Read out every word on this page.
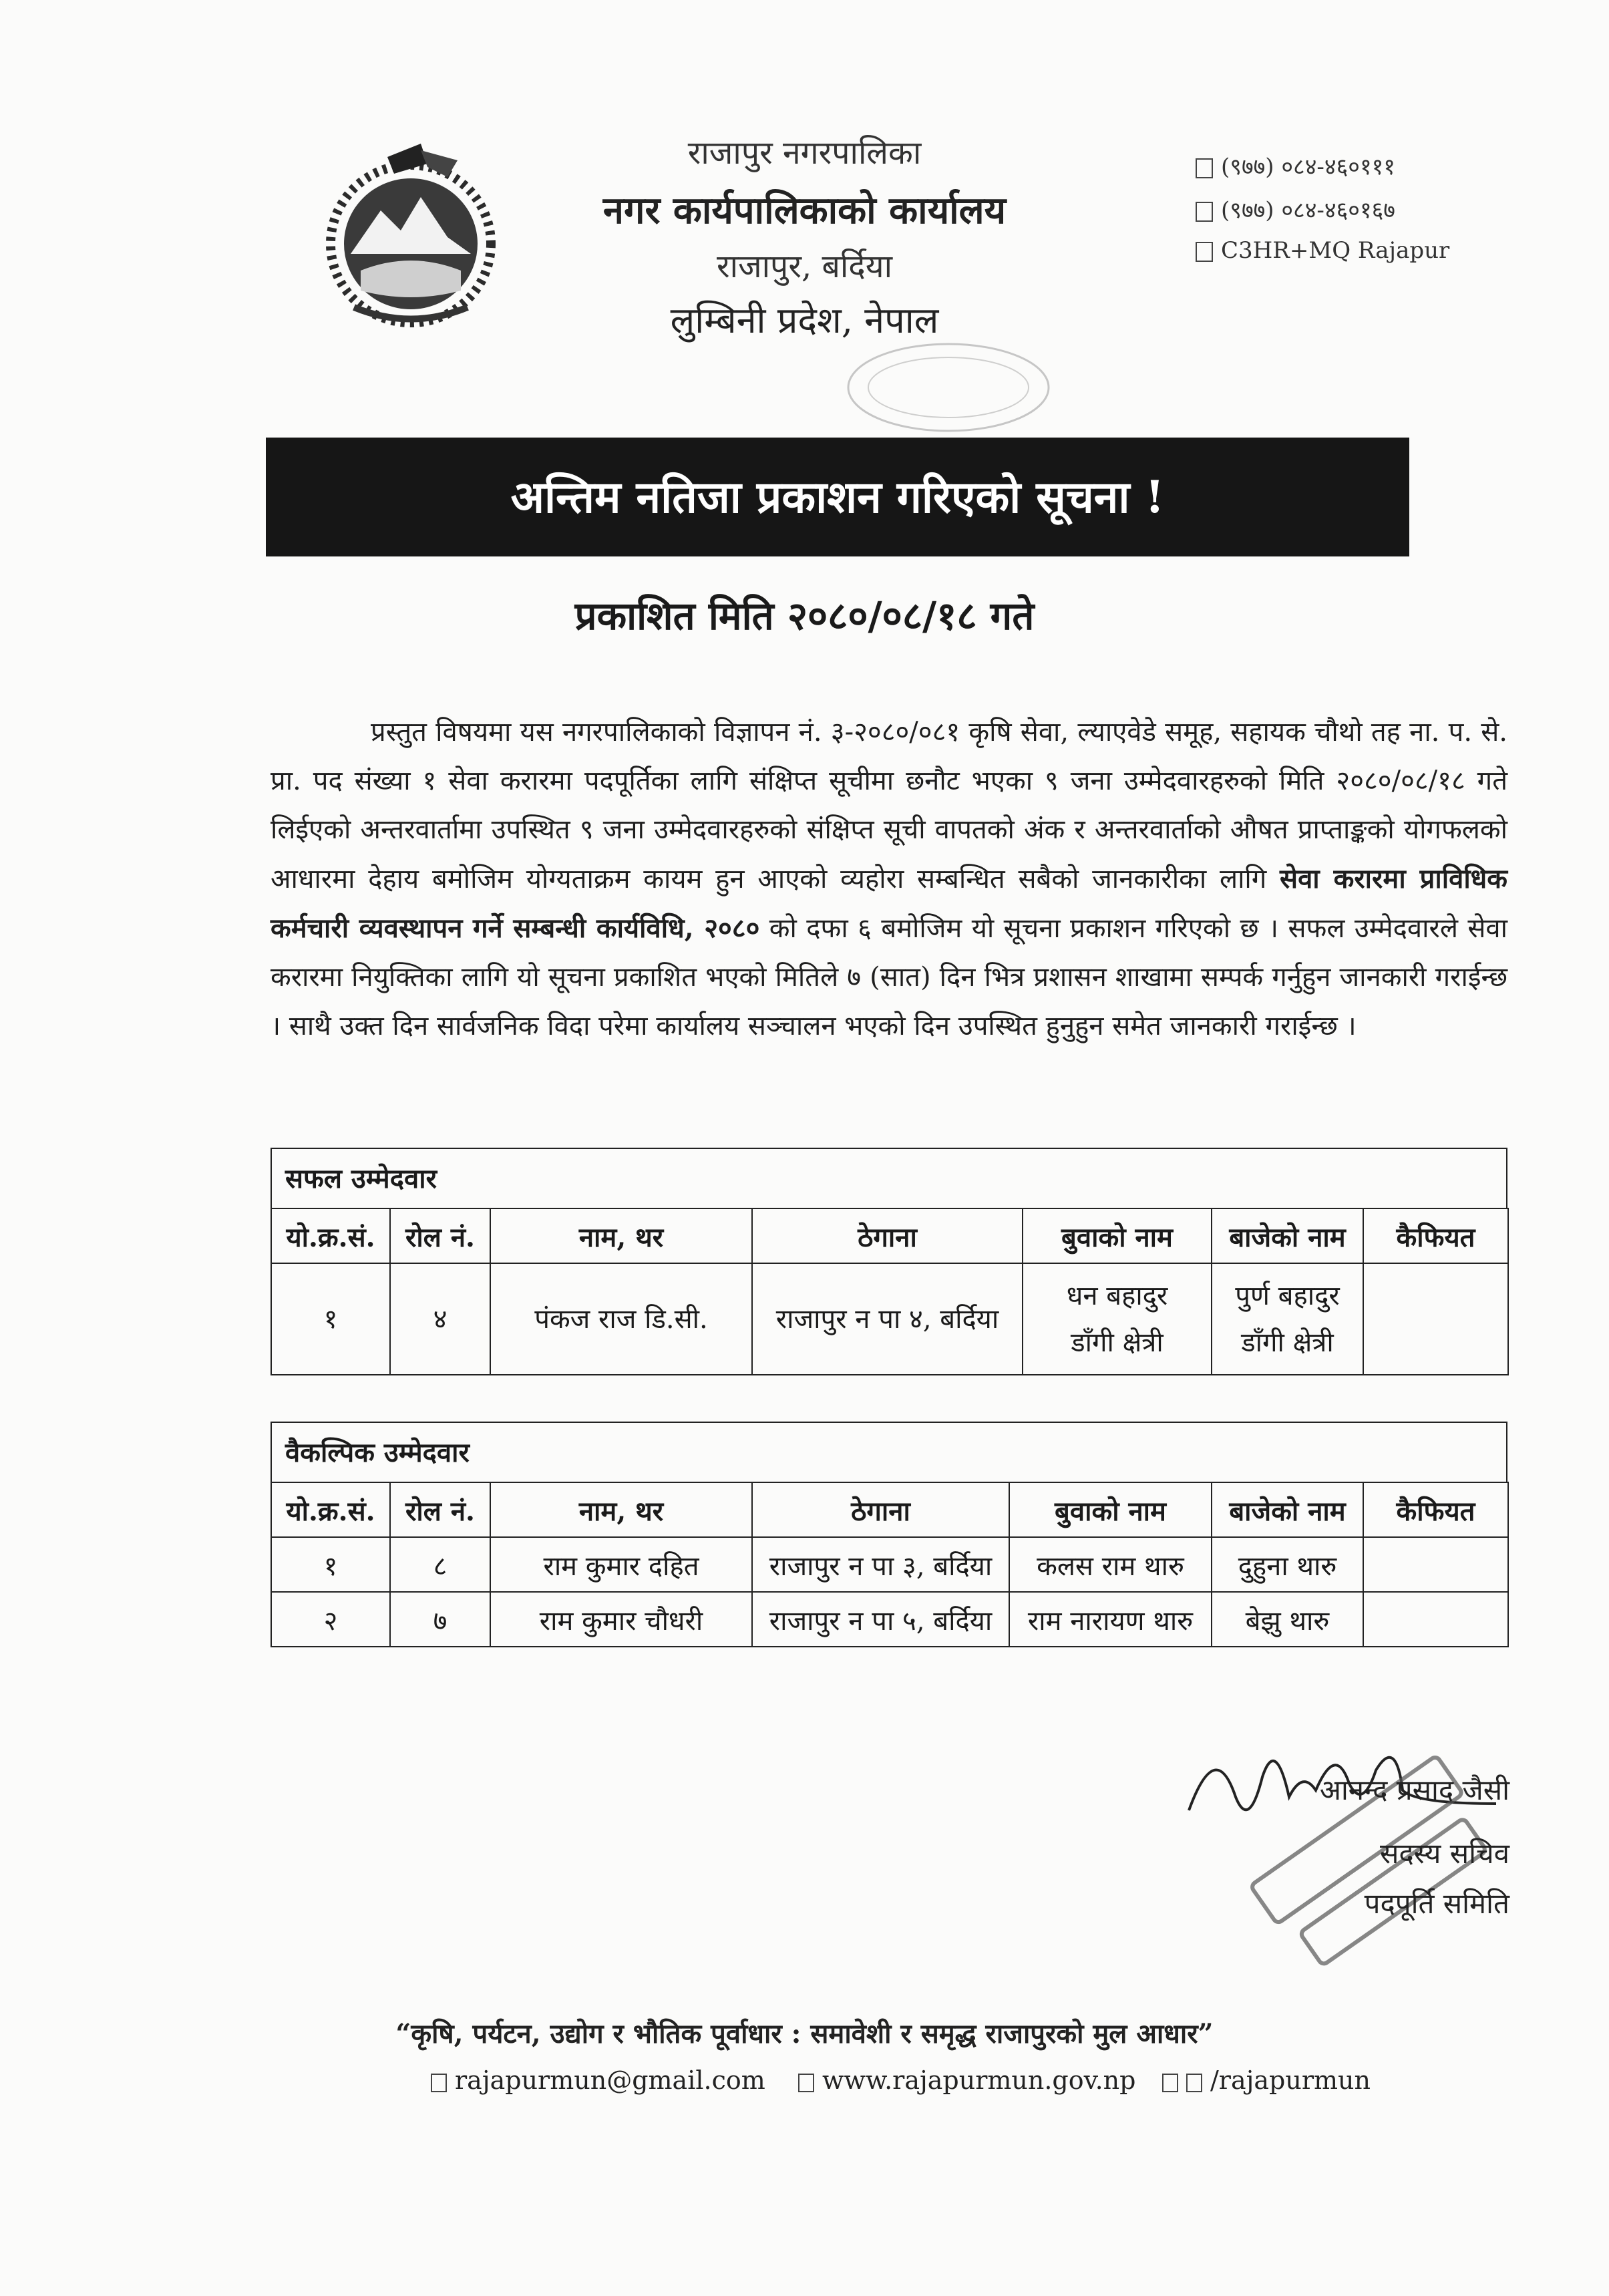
राजापुर नगरपालिका
नगर कार्यपालिकाको कार्यालय
राजापुर, बर्दिया
लुम्बिनी प्रदेश, नेपाल
(९७७) ०८४-४६०१११
(९७७) ०८४-४६०१६७
C3HR+MQ Rajapur
अन्तिम नतिजा प्रकाशन गरिएको सूचना !
प्रकाशित मिति २०८०/०८/१८ गते
प्रस्तुत विषयमा यस नगरपालिकाको विज्ञापन नं. ३-२०८०/०८१ कृषि सेवा, ल्याएवेडे समूह, सहायक चौथो तह ना. प. से. प्रा. पद संख्या १ सेवा करारमा पदपूर्तिका लागि संक्षिप्त सूचीमा छनौट भएका ९ जना उम्मेदवारहरुको मिति २०८०/०८/१८ गते लिईएको अन्तरवार्तामा उपस्थित ९ जना उम्मेदवारहरुको संक्षिप्त सूची वापतको अंक र अन्तरवार्ताको औषत प्राप्ताङ्कको योगफलको आधारमा देहाय बमोजिम योग्यताक्रम कायम हुन आएको व्यहोरा सम्बन्धित सबैको जानकारीका लागि सेवा करारमा प्राविधिक कर्मचारी व्यवस्थापन गर्ने सम्बन्धी कार्यविधि, २०८० को दफा ६ बमोजिम यो सूचना प्रकाशन गरिएको छ । सफल उम्मेदवारले सेवा करारमा नियुक्तिका लागि यो सूचना प्रकाशित भएको मितिले ७ (सात) दिन भित्र प्रशासन शाखामा सम्पर्क गर्नुहुन जानकारी गराईन्छ । साथै उक्त दिन सार्वजनिक विदा परेमा कार्यालय सञ्चालन भएको दिन उपस्थित हुनुहुन समेत जानकारी गराईन्छ ।
सफल उम्मेदवार
यो.क्र.सं.	रोल नं.	नाम, थर	ठेगाना	बुवाको नाम	बाजेको नाम	कैफियत
१	४	पंकज राज डि.सी.	राजापुर न पा ४, बर्दिया	धन बहादुर डाँगी क्षेत्री	पुर्ण बहादुर डाँगी क्षेत्री	
वैकल्पिक उम्मेदवार
यो.क्र.सं.	रोल नं.	नाम, थर	ठेगाना	बुवाको नाम	बाजेको नाम	कैफियत
१	८	राम कुमार दहित	राजापुर न पा ३, बर्दिया	कलस राम थारु	दुहुना थारु	
२	७	राम कुमार चौधरी	राजापुर न पा ५, बर्दिया	राम नारायण थारु	बेझु थारु	
आनन्द प्रसाद जैसी
सदस्य सचिव
पदपूर्ति समिति
“कृषि, पर्यटन, उद्योग र भौतिक पूर्वाधार : समावेशी र समृद्ध राजापुरको मुल आधार”
rajapurmun@gmail.com	www.rajapurmun.gov.np	/rajapurmun
